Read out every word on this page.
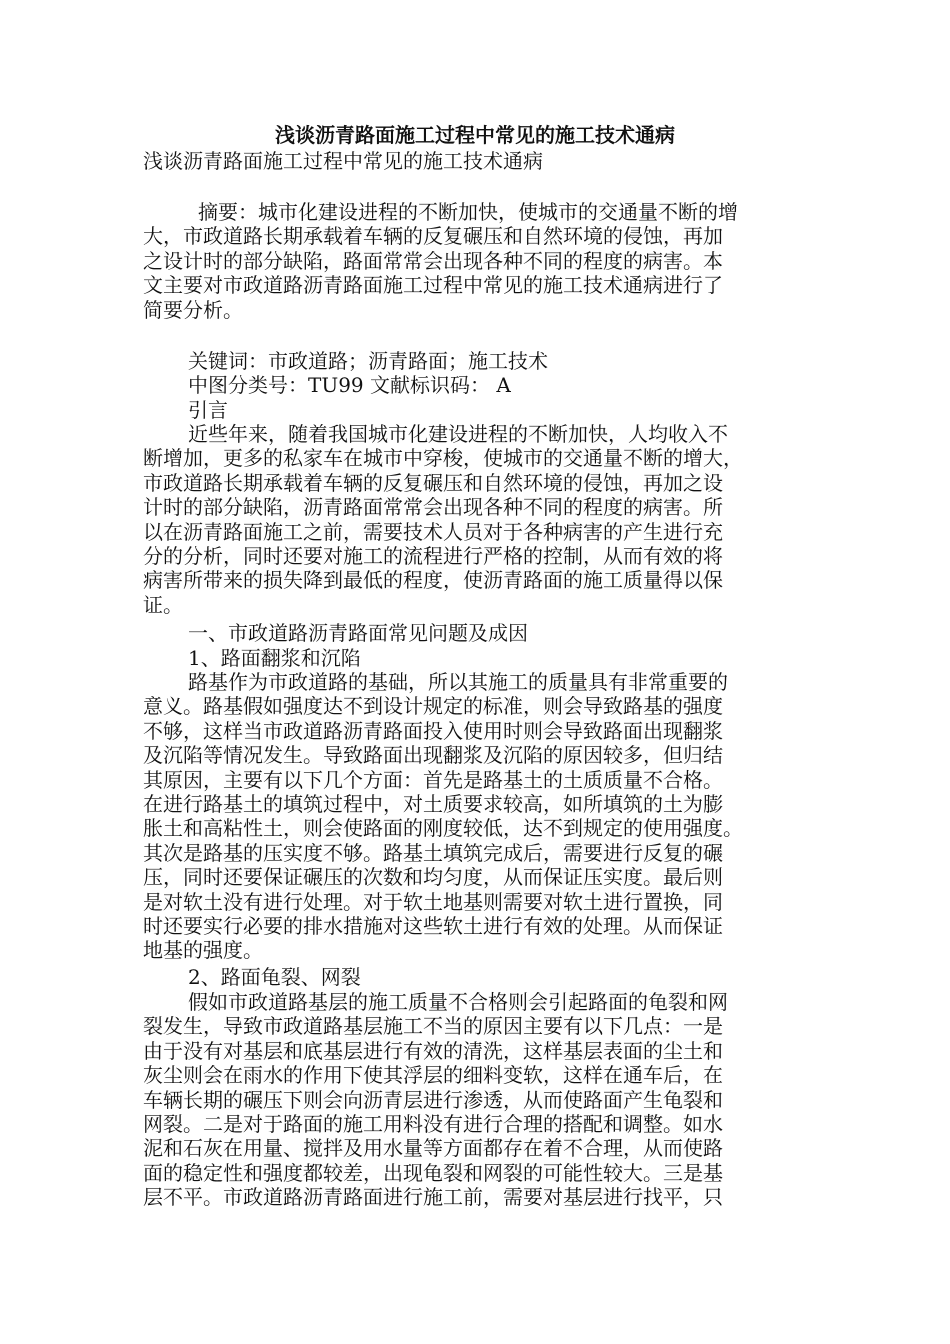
浅谈沥青路面施工过程中常见的施工技术通病
浅谈沥青路面施工过程中常见的施工技术通病
摘要：城市化建设进程的不断加快，使城市的交通量不断的增
大，市政道路长期承载着车辆的反复碾压和自然环境的侵蚀，再加
之设计时的部分缺陷，路面常常会出现各种不同的程度的病害。本
文主要对市政道路沥青路面施工过程中常见的施工技术通病进行了
简要分析。
关键词：市政道路；沥青路面；施工技术
中图分类号：TU99 文献标识码： A
引言
近些年来，随着我国城市化建设进程的不断加快，人均收入不
断增加，更多的私家车在城市中穿梭，使城市的交通量不断的增大，
市政道路长期承载着车辆的反复碾压和自然环境的侵蚀，再加之设
计时的部分缺陷，沥青路面常常会出现各种不同的程度的病害。所
以在沥青路面施工之前，需要技术人员对于各种病害的产生进行充
分的分析，同时还要对施工的流程进行严格的控制，从而有效的将
病害所带来的损失降到最低的程度，使沥青路面的施工质量得以保
证。
一、市政道路沥青路面常见问题及成因
1、路面翻浆和沉陷
路基作为市政道路的基础，所以其施工的质量具有非常重要的
意义。路基假如强度达不到设计规定的标准，则会导致路基的强度
不够，这样当市政道路沥青路面投入使用时则会导致路面出现翻浆
及沉陷等情况发生。导致路面出现翻浆及沉陷的原因较多，但归结
其原因，主要有以下几个方面：首先是路基土的土质质量不合格。
在进行路基土的填筑过程中，对土质要求较高，如所填筑的土为膨
胀土和高粘性土，则会使路面的刚度较低，达不到规定的使用强度。
其次是路基的压实度不够。路基土填筑完成后，需要进行反复的碾
压，同时还要保证碾压的次数和均匀度，从而保证压实度。最后则
是对软土没有进行处理。对于软土地基则需要对软土进行置换，同
时还要实行必要的排水措施对这些软土进行有效的处理。从而保证
地基的强度。
2、路面龟裂、网裂
假如市政道路基层的施工质量不合格则会引起路面的龟裂和网
裂发生，导致市政道路基层施工不当的原因主要有以下几点：一是
由于没有对基层和底基层进行有效的清洗，这样基层表面的尘土和
灰尘则会在雨水的作用下使其浮层的细料变软，这样在通车后，在
车辆长期的碾压下则会向沥青层进行渗透，从而使路面产生龟裂和
网裂。二是对于路面的施工用料没有进行合理的搭配和调整。如水
泥和石灰在用量、搅拌及用水量等方面都存在着不合理，从而使路
面的稳定性和强度都较差，出现龟裂和网裂的可能性较大。三是基
层不平。市政道路沥青路面进行施工前，需要对基层进行找平，只
